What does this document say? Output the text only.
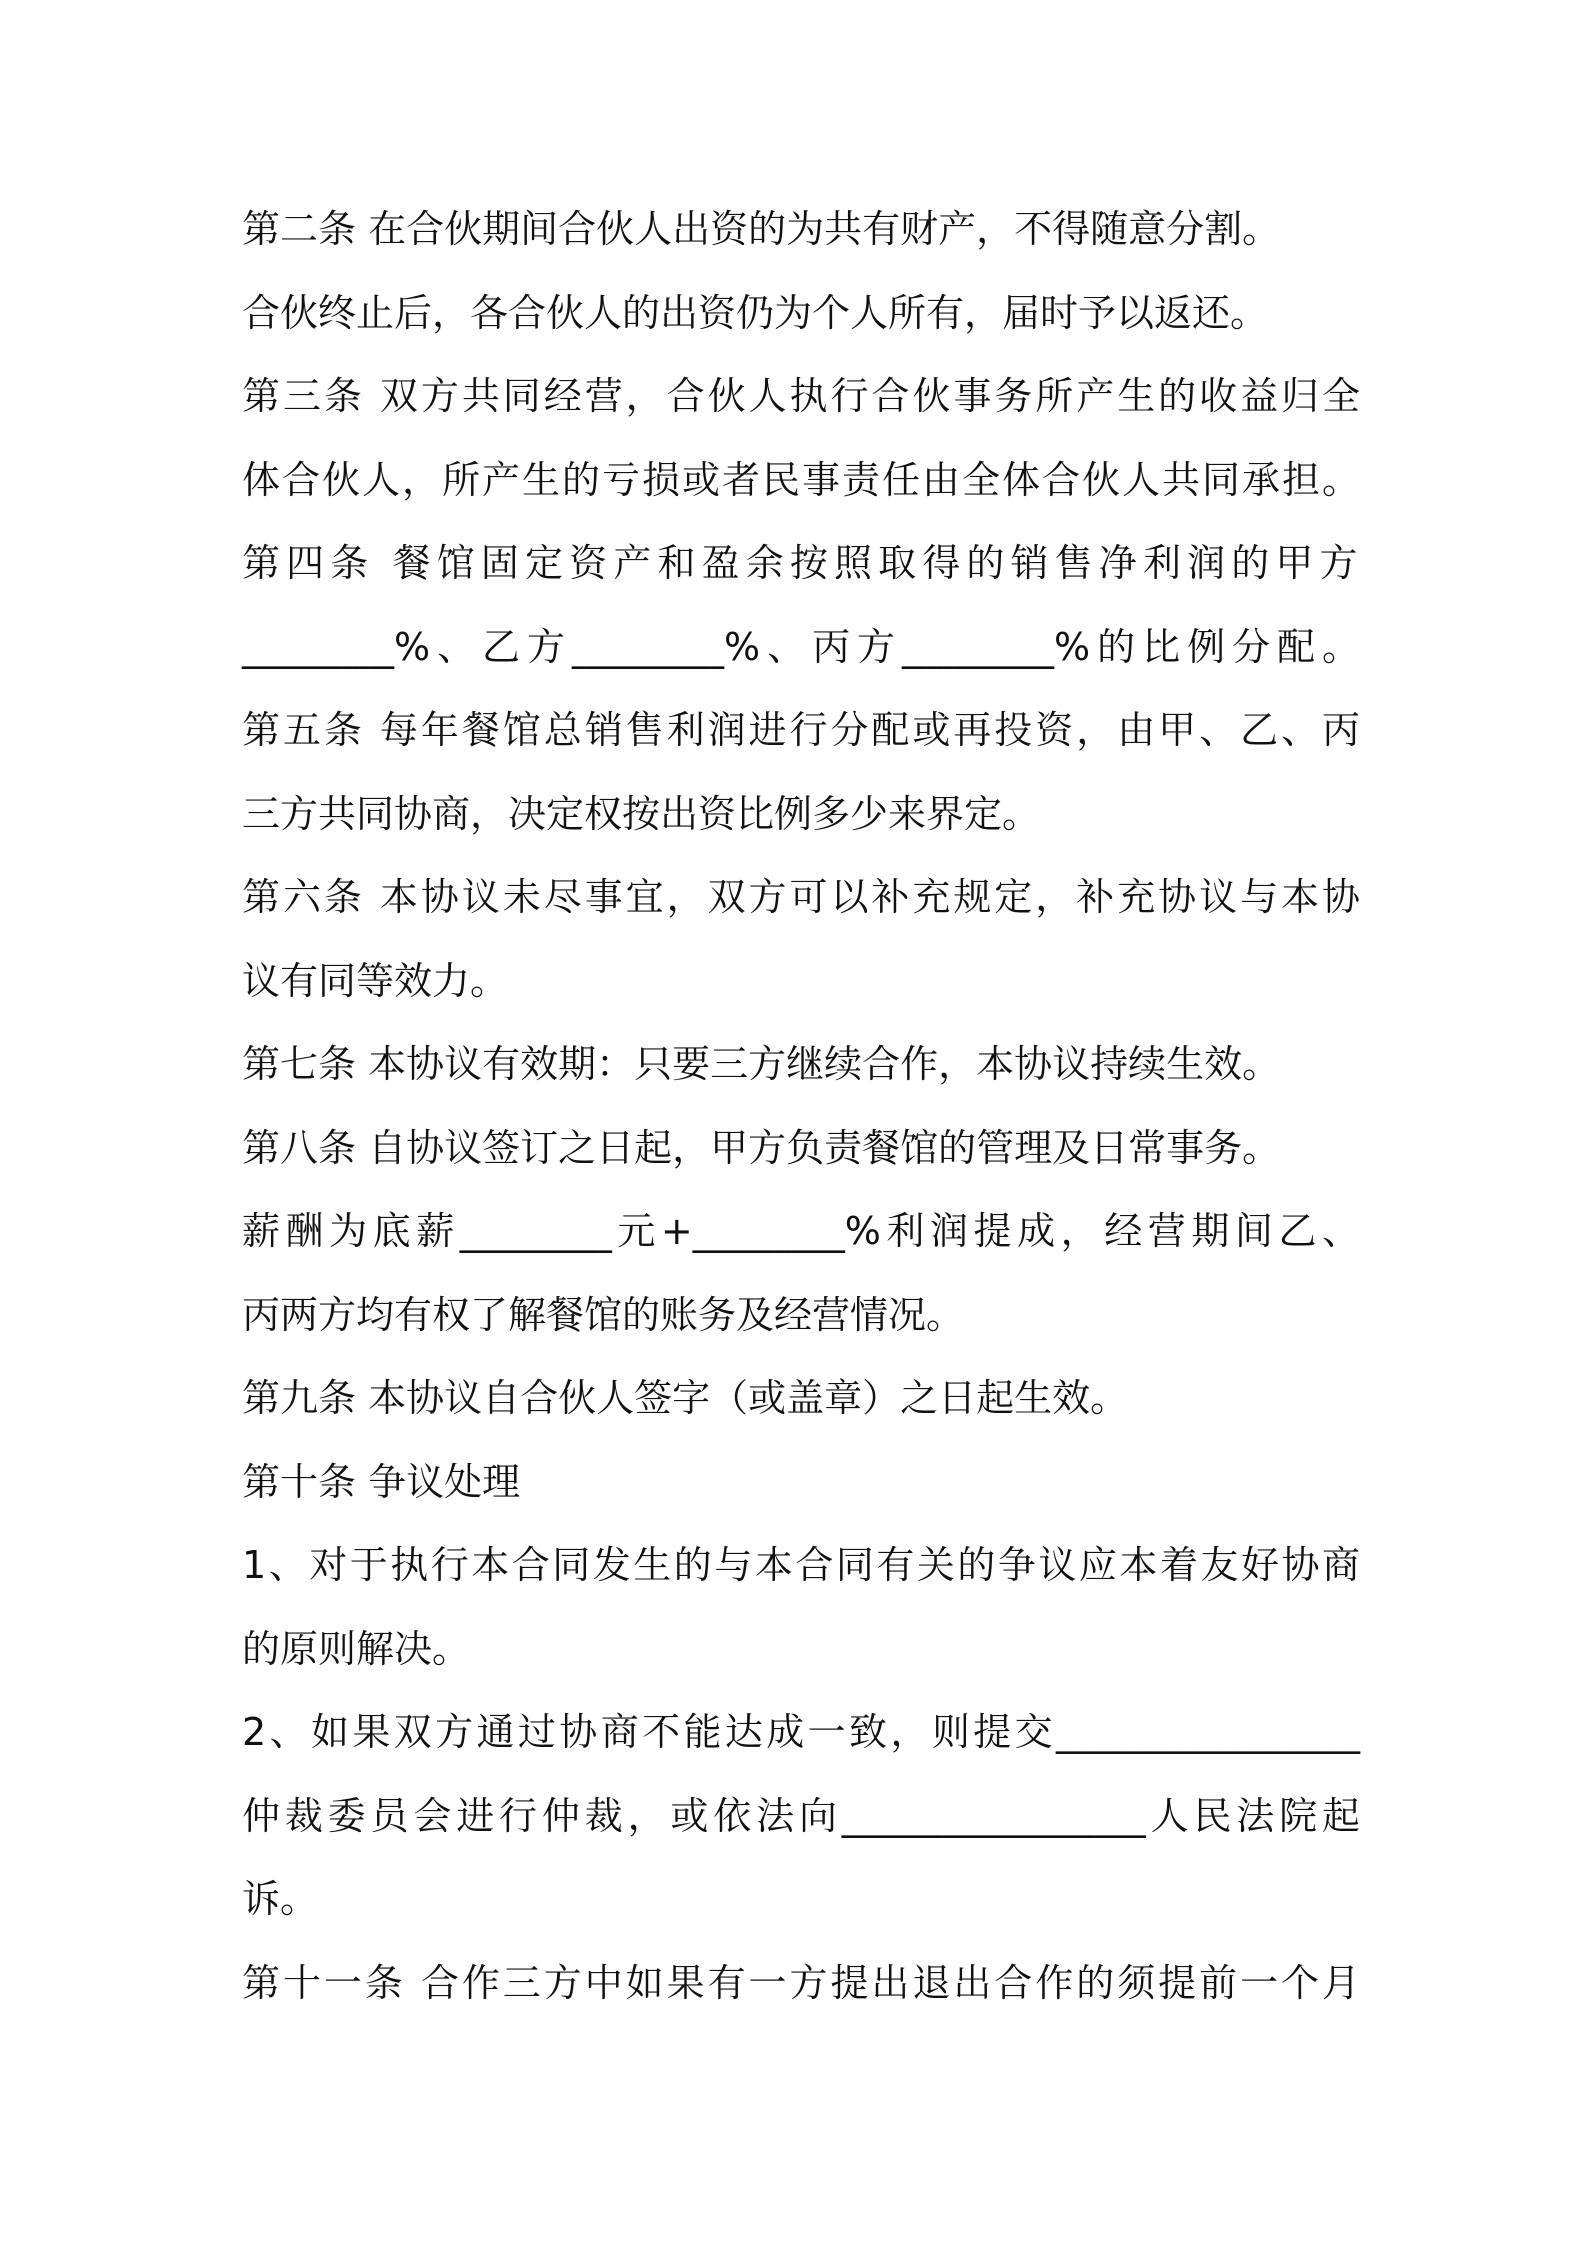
第二条 在合伙期间合伙人出资的为共有财产，不得随意分割。
合伙终止后，各合伙人的出资仍为个人所有，届时予以返还。
第三条 双方共同经营，合伙人执行合伙事务所产生的收益归全
体合伙人，所产生的亏损或者民事责任由全体合伙人共同承担。
第四条 餐馆固定资产和盈余按照取得的销售净利润的甲方
________%、乙方________%、丙方________%的比例分配。
第五条 每年餐馆总销售利润进行分配或再投资，由甲、乙、丙
三方共同协商，决定权按出资比例多少来界定。
第六条 本协议未尽事宜，双方可以补充规定，补充协议与本协
议有同等效力。
第七条 本协议有效期：只要三方继续合作，本协议持续生效。
第八条 自协议签订之日起，甲方负责餐馆的管理及日常事务。
薪酬为底薪________元+________%利润提成，经营期间乙、
丙两方均有权了解餐馆的账务及经营情况。
第九条 本协议自合伙人签字（或盖章）之日起生效。
第十条 争议处理
1、对于执行本合同发生的与本合同有关的争议应本着友好协商
的原则解决。
2、如果双方通过协商不能达成一致，则提交________________
仲裁委员会进行仲裁，或依法向________________人民法院起
诉。
第十一条 合作三方中如果有一方提出退出合作的须提前一个月
